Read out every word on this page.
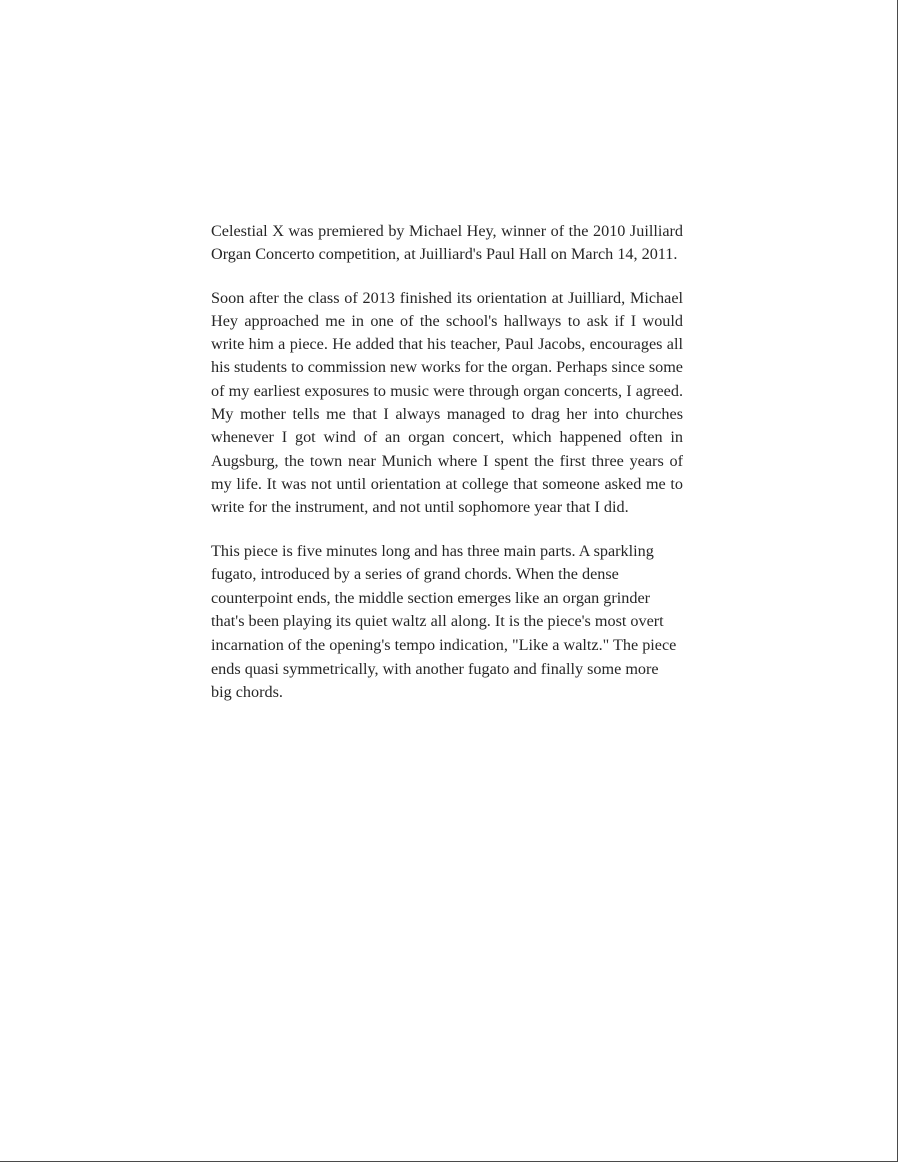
Celestial X was premiered by Michael Hey, winner of the 2010 Juilliard Organ Concerto competition, at Juilliard's Paul Hall on March 14, 2011.

Soon after the class of 2013 finished its orientation at Juilliard, Michael Hey approached me in one of the school's hallways to ask if I would write him a piece. He added that his teacher, Paul Jacobs, encourages all his students to commission new works for the organ. Perhaps since some of my earliest exposures to music were through organ concerts, I agreed. My mother tells me that I always managed to drag her into churches whenever I got wind of an organ concert, which happened often in Augsburg, the town near Munich where I spent the first three years of my life. It was not until orientation at college that someone asked me to write for the instrument, and not until sophomore year that I did.

This piece is five minutes long and has three main parts. A sparkling fugato, introduced by a series of grand chords. When the dense counterpoint ends, the middle section emerges like an organ grinder that's been playing its quiet waltz all along. It is the piece's most overt incarnation of the opening's tempo indication, "Like a waltz." The piece ends quasi symmetrically, with another fugato and finally some more big chords.
